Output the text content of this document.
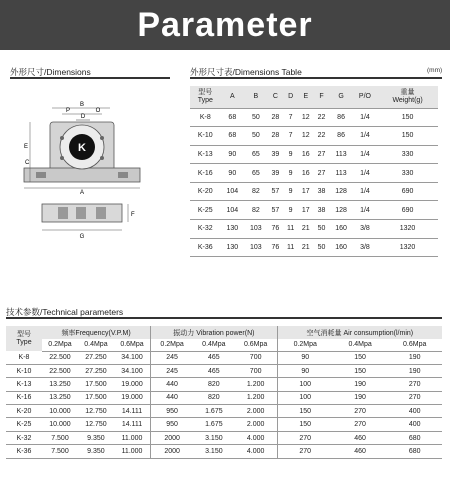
Parameter
外形尺寸/Dimensions	外形尺寸表/Dimensions Table	(mm)
B
P	O
D
C
E	K
A
F
G
型号
Type	A	B	C	D	E	F	G	P/O	重量
Weight(g)
K-8	68	50	28	7	12	22	86	1/4	150
K-10	68	50	28	7	12	22	86	1/4	150
K-13	90	65	39	9	16	27	113	1/4	330
K-16	90	65	39	9	16	27	113	1/4	330
K-20	104	82	57	9	17	38	128	1/4	690
K-25	104	82	57	9	17	38	128	1/4	690
K-32	130	103	76	11	21	50	160	3/8	1320
K-36	130	103	76	11	21	50	160	3/8	1320
技术参数/Technical parameters
型号
Type	频率Frequency(V.P.M)			振动力 Vibration power(N)			空气消耗量 Air consumption(l/min)		
	0.2Mpa	0.4Mpa	0.6Mpa	0.2Mpa	0.4Mpa	0.6Mpa	0.2Mpa	0.4Mpa	0.6Mpa
K-8	22.500	27.250	34.100	245	465	700	90	150	190
K-10	22.500	27.250	34.100	245	465	700	90	150	190
K-13	13.250	17.500	19.000	440	820	1.200	100	190	270
K-16	13.250	17.500	19.000	440	820	1.200	100	190	270
K-20	10.000	12.750	14.111	950	1.675	2.000	150	270	400
K-25	10.000	12.750	14.111	950	1.675	2.000	150	270	400
K-32	7.500	9.350	11.000	2000	3.150	4.000	270	460	680
K-36	7.500	9.350	11.000	2000	3.150	4.000	270	460	680
